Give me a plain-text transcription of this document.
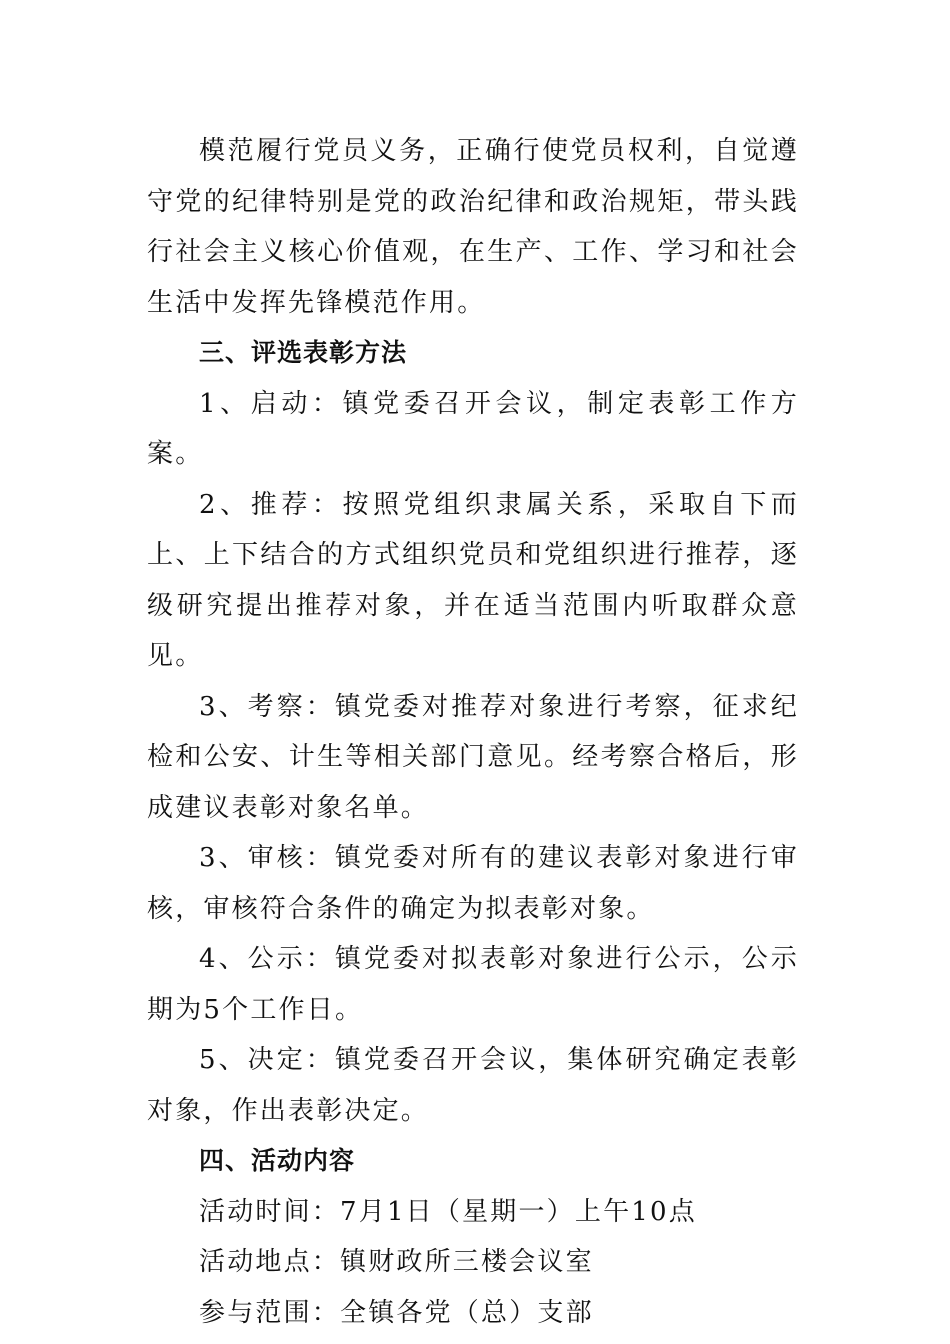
模范履行党员义务，正确行使党员权利，自觉遵守党的纪律特别是党的政治纪律和政治规矩，带头践行社会主义核心价值观，在生产、工作、学习和社会生活中发挥先锋模范作用。

三、评选表彰方法

1、启动：镇党委召开会议，制定表彰工作方案。

2、推荐：按照党组织隶属关系，采取自下而上、上下结合的方式组织党员和党组织进行推荐，逐级研究提出推荐对象，并在适当范围内听取群众意见。

3、考察：镇党委对推荐对象进行考察，征求纪检和公安、计生等相关部门意见。经考察合格后，形成建议表彰对象名单。

3、审核：镇党委对所有的建议表彰对象进行审核，审核符合条件的确定为拟表彰对象。

4、公示：镇党委对拟表彰对象进行公示，公示期为5个工作日。

5、决定：镇党委召开会议，集体研究确定表彰对象，作出表彰决定。

四、活动内容

活动时间：7月1日（星期一）上午10点

活动地点：镇财政所三楼会议室

参与范围：全镇各党（总）支部
